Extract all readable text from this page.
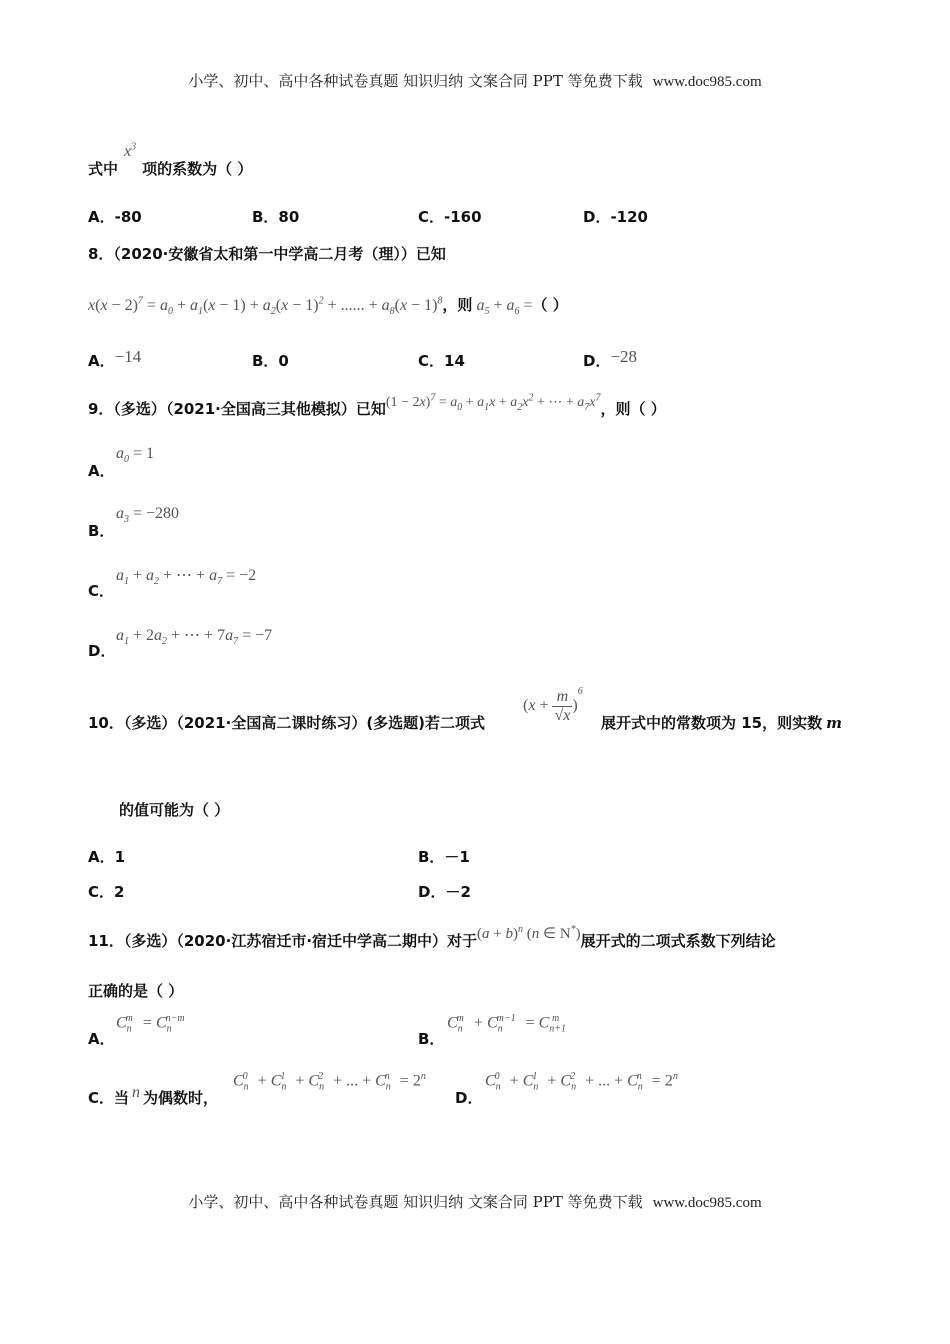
小学、初中、高中各种试卷真题 知识归纳 文案合同 PPT 等免费下载 www.doc985.com
式中$x^3$项的系数为（ ）
A．-80	B．80	C．-160	D．-120
8．（2020·安徽省太和第一中学高二月考（理））已知
$x(x - 2)^7 = a_0 + a_1(x - 1) + a_2(x - 1)^2$ + ...... + $a_8(x - 1)^8$，则 $a_5 + a_6$ =（ ）
A．−14	B．0	C．14	D．−28
9．（多选）（2021·全国高三其他模拟）已知$(1 - 2x)^7 = a_0 + a_1x + a_2x^2$ + ⋯ + $a_7x^7$，则（ ）
A．
$a_0 = 1$
B．
$a_3 = -280$
C．
$a_1 + a_2$ + ⋯ + $a_7 = -2$
D．
$a_1 + 2a_2$ + ⋯ + $7a_7 = -7$
10．（多选）（2021·全国高二课时练习）(多选题)若二项式
$(x + \frac{m}{√x} )^6$
展开式中的常数项为 15，则实数 m
的值可能为（ ）
A．1	B．－1
C．2	D．－2
11．（多选）（2020·江苏宿迁市·宿迁中学高二期中）对于$(a + b)^n$ (n ∈ N*)展开式的二项式系数下列结论
正确的是（ ）
A．
$C_n^m = C_n^{n-m}$
B．
$C_n^m + C_n^{m-1} = C_{n+1}^m$
C．当 n 为偶数时，
$C_n^0 + C_n^1 + C_n^2$ + ... + $C_n^n = 2^n$
D．
$C_n^0 + C_n^1 + C_n^2$ + ... + $C_n^n = 2^n$
小学、初中、高中各种试卷真题 知识归纳 文案合同 PPT 等免费下载 www.doc985.com
